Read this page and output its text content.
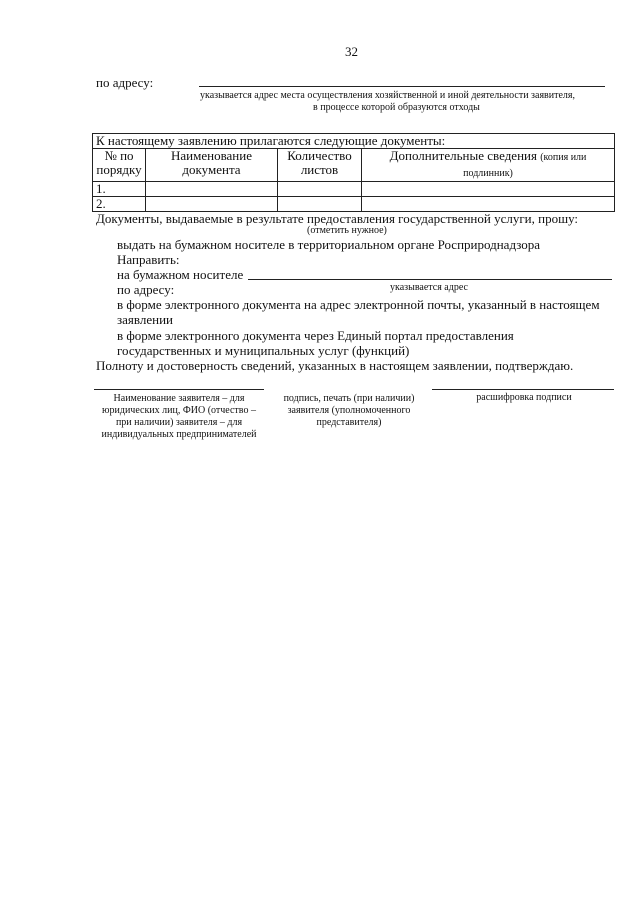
32
по адресу:
указывается адрес места осуществления хозяйственной и иной деятельности заявителя,
в процессе которой образуются отходы
К настоящему заявлению прилагаются следующие документы:			
№ по порядку	Наименование документа	Количество листов	Дополнительные сведения (копия или подлинник)
1.			
2.			
Документы, выдаваемые в результате предоставления государственной услуги, прошу:
(отметить нужное)
выдать на бумажном носителе в территориальном органе Росприроднадзора
Направить:
на бумажном носителе
по адресу:	указывается адрес
в форме электронного документа на адрес электронной почты, указанный в настоящем
заявлении
в форме электронного документа через Единый портал предоставления
государственных и муниципальных услуг (функций)
Полноту и достоверность сведений, указанных в настоящем заявлении, подтверждаю.
Наименование заявителя – для юридических лиц, ФИО (отчество – при наличии) заявителя – для индивидуальных предпринимателей
подпись, печать (при наличии) заявителя (уполномоченного представителя)
расшифровка подписи
